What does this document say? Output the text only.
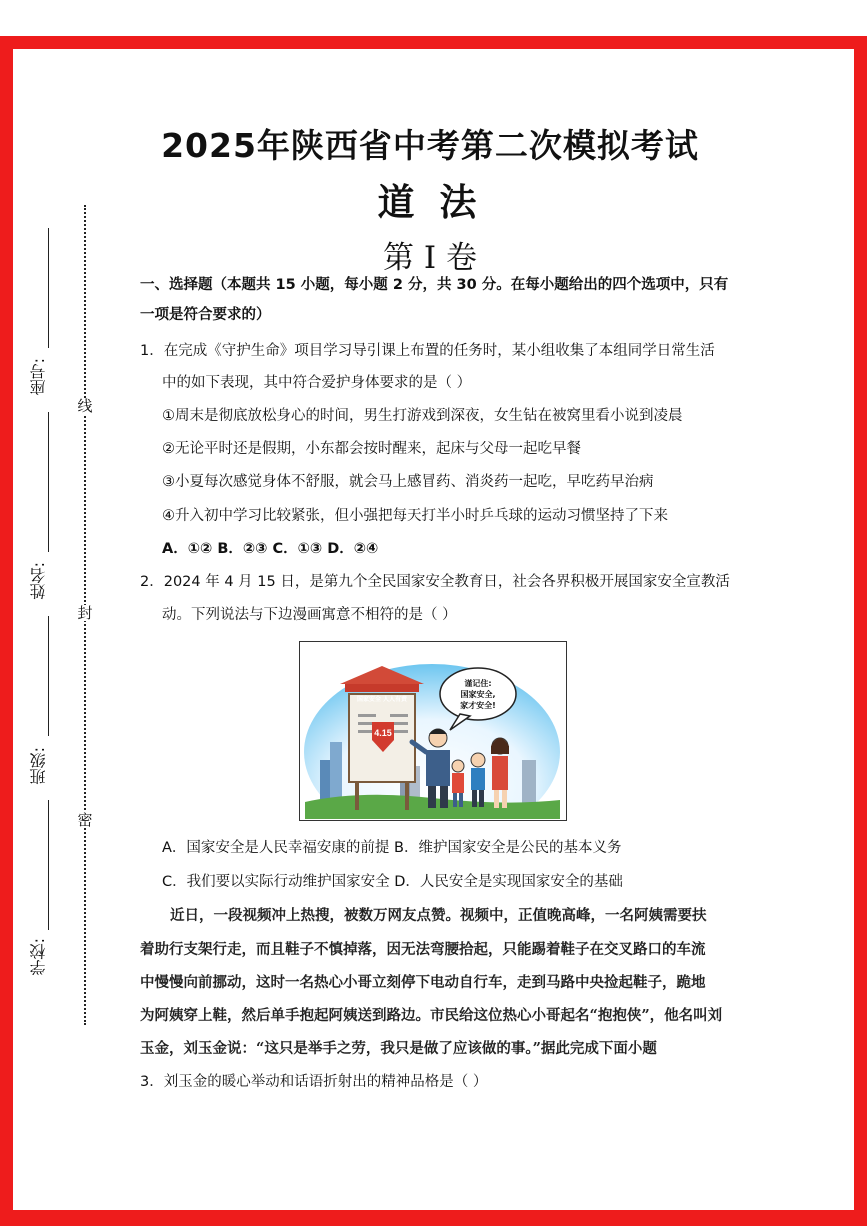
2025年陕西省中考第二次模拟考试
道 法
第 I 卷
线
封
密
座号:
姓名:
班级:
学校:
一、选择题（本题共 15 小题，每小题 2 分，共 30 分。在每小题给出的四个选项中，只有
一项是符合要求的）
1．在完成《守护生命》项目学习导引课上布置的任务时，某小组收集了本组同学日常生活
中的如下表现，其中符合爱护身体要求的是（ ）
①周末是彻底放松身心的时间，男生打游戏到深夜，女生钻在被窝里看小说到凌晨
②无论平时还是假期，小东都会按时醒来，起床与父母一起吃早餐
③小夏每次感觉身体不舒服，就会马上感冒药、消炎药一起吃，早吃药早治病
④升入初中学习比较紧张，但小强把每天打半小时乒乓球的运动习惯坚持了下来
A．①② B．②③ C．①③ D．②④
2．2024 年 4 月 15 日，是第九个全民国家安全教育日，社会各界积极开展国家安全宣教活
动。下列说法与下边漫画寓意不相符的是（ ）
4.15
国家安全 人人有责
谨记住:
国家安全,
家才安全!
A．国家安全是人民幸福安康的前提 B．维护国家安全是公民的基本义务
C．我们要以实际行动维护国家安全 D．人民安全是实现国家安全的基础
近日，一段视频冲上热搜，被数万网友点赞。视频中，正值晚高峰，一名阿姨需要扶
着助行支架行走，而且鞋子不慎掉落，因无法弯腰拾起，只能踢着鞋子在交叉路口的车流
中慢慢向前挪动，这时一名热心小哥立刻停下电动自行车，走到马路中央捡起鞋子，跪地
为阿姨穿上鞋，然后单手抱起阿姨送到路边。市民给这位热心小哥起名“抱抱侠”，他名叫刘
玉金，刘玉金说：“这只是举手之劳，我只是做了应该做的事。”据此完成下面小题
3．刘玉金的暖心举动和话语折射出的精神品格是（ ）
